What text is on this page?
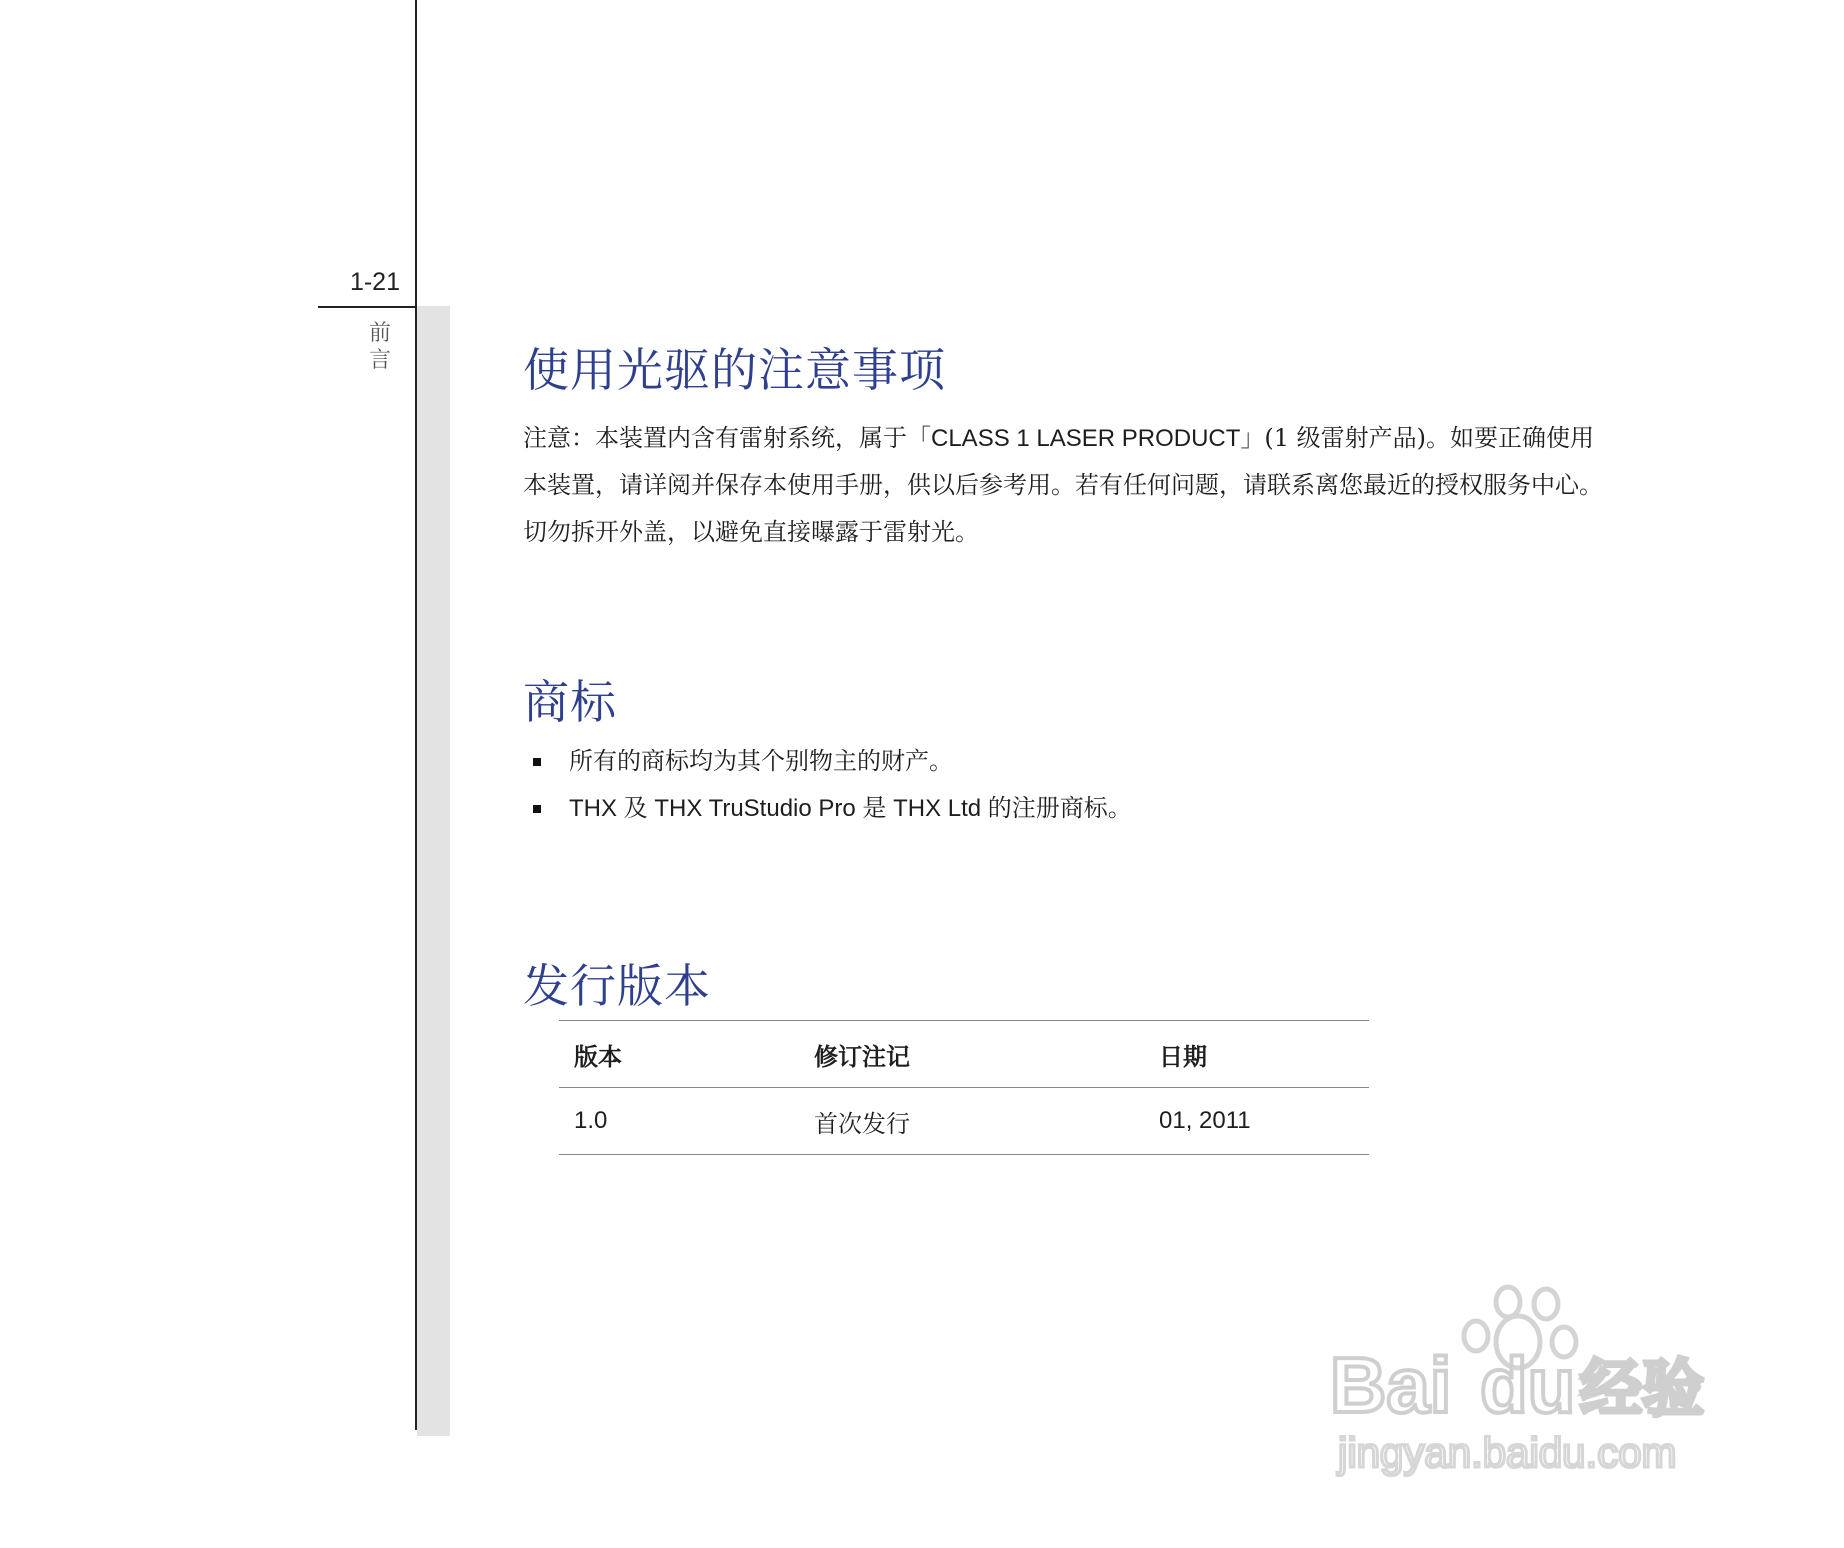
1-21
前言	使用光驱的注意事项
注意：本装置内含有雷射系统，属于「CLASS 1 LASER PRODUCT」(1 级雷射产品)。如要正确使用
本装置，请详阅并保存本使用手册，供以后参考用。若有任何问题，请联系离您最近的授权服务中心。
切勿拆开外盖，以避免直接曝露于雷射光。
商标
所有的商标均为其个别物主的财产。
THX 及 THX TruStudio Pro 是 THX Ltd 的注册商标。
发行版本
版本	修订注记	日期
1.0	首次发行	01, 2011
Bai du 经验
jingyan.baidu.com
